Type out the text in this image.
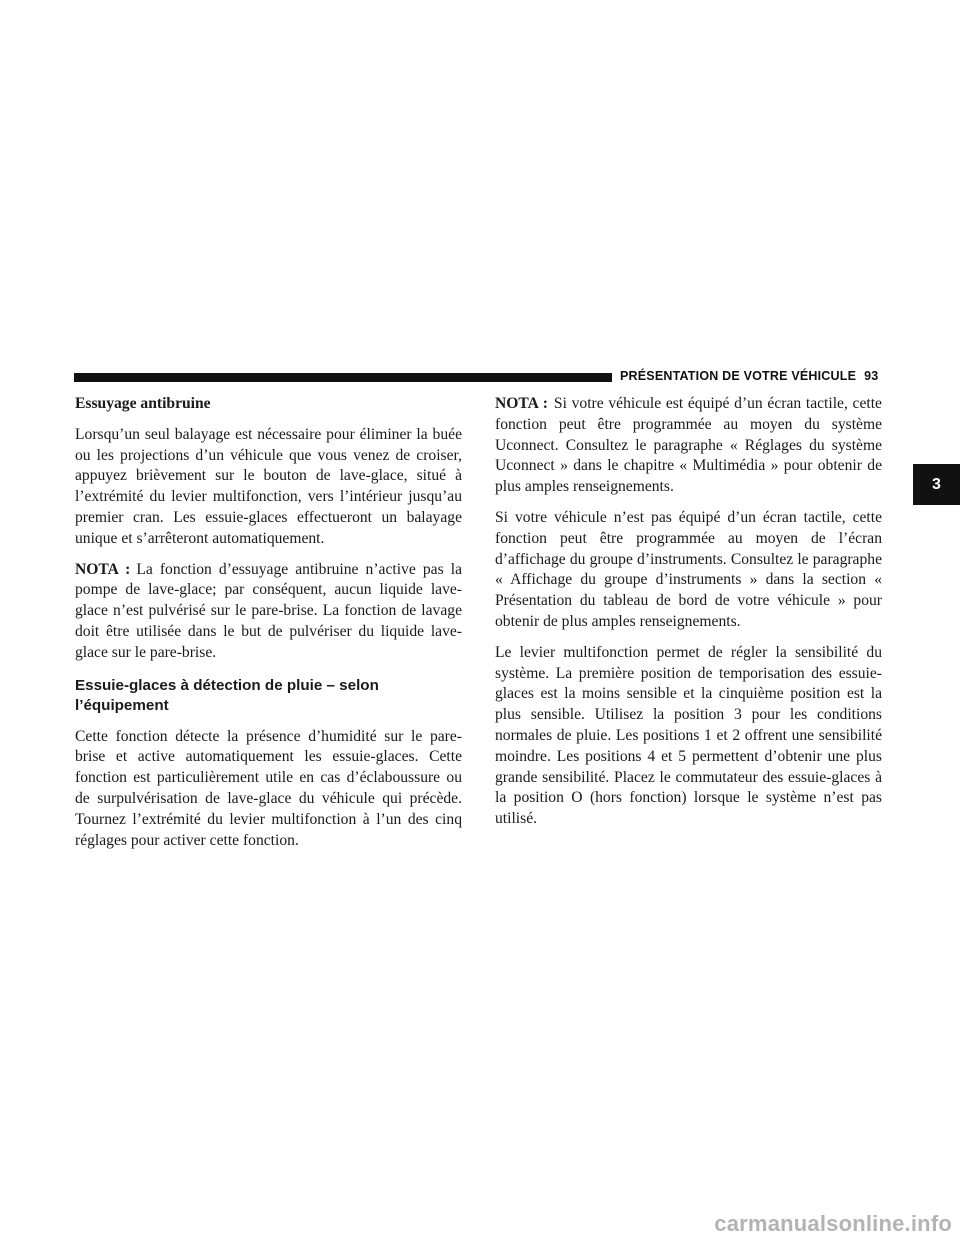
PRÉSENTATION DE VOTRE VÉHICULE 93
3
Essuyage antibruine

Lorsqu’un seul balayage est nécessaire pour éliminer la buée ou les projections d’un véhicule que vous venez de croiser, appuyez brièvement sur le bouton de lave-glace, situé à l’extrémité du levier multifonction, vers l’intérieur jusqu’au premier cran. Les essuie-glaces effectueront un balayage unique et s’arrêteront automatiquement.

NOTA : La fonction d’essuyage antibruine n’active pas la pompe de lave-glace; par conséquent, aucun liquide lave-glace n’est pulvérisé sur le pare-brise. La fonction de lavage doit être utilisée dans le but de pulvériser du liquide lave-glace sur le pare-brise.

Essuie-glaces à détection de pluie – selon l’équipement

Cette fonction détecte la présence d’humidité sur le pare-brise et active automatiquement les essuie-glaces. Cette fonction est particulièrement utile en cas d’éclaboussure ou de surpulvérisation de lave-glace du véhicule qui précède. Tournez l’extrémité du levier multifonction à l’un des cinq réglages pour activer cette fonction.

NOTA : Si votre véhicule est équipé d’un écran tactile, cette fonction peut être programmée au moyen du système Uconnect. Consultez le paragraphe « Réglages du système Uconnect » dans le chapitre « Multimédia » pour obtenir de plus amples renseignements.

Si votre véhicule n’est pas équipé d’un écran tactile, cette fonction peut être programmée au moyen de l’écran d’affichage du groupe d’instruments. Consultez le paragraphe « Affichage du groupe d’instruments » dans la section « Présentation du tableau de bord de votre véhicule » pour obtenir de plus amples renseignements.

Le levier multifonction permet de régler la sensibilité du système. La première position de temporisation des essuie-glaces est la moins sensible et la cinquième position est la plus sensible. Utilisez la position 3 pour les conditions normales de pluie. Les positions 1 et 2 offrent une sensibilité moindre. Les positions 4 et 5 permettent d’obtenir une plus grande sensibilité. Placez le commutateur des essuie-glaces à la position O (hors fonction) lorsque le système n’est pas utilisé.

carmanualsonline.info
